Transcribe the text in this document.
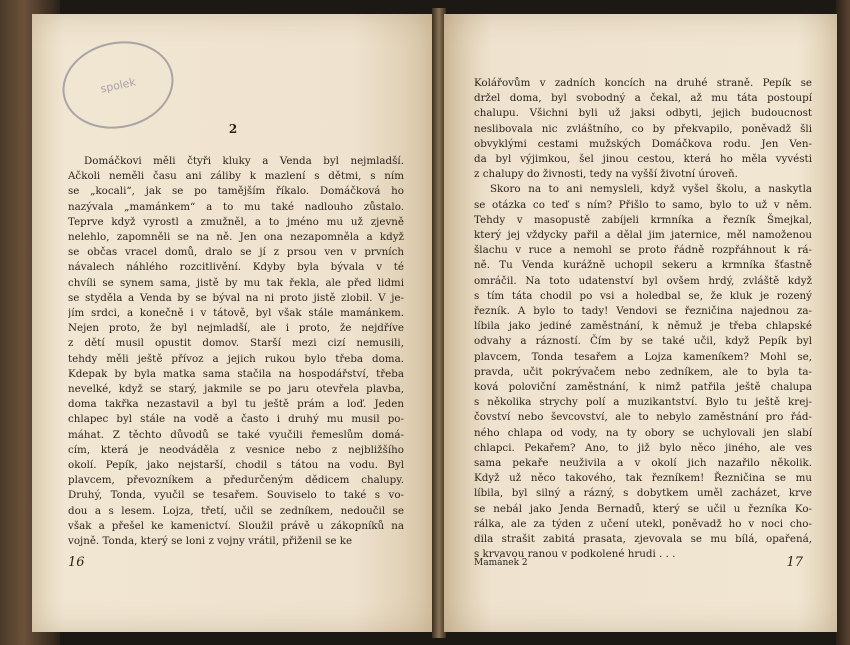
spolek
2
Domáčkovi měli čtyři kluky a Venda byl nejmladší.
Ačkoli neměli času ani záliby k mazlení s dětmi, s ním
se „kocali“, jak se po tamějším říkalo. Domáčková ho
nazývala „mamánkem“ a to mu také nadlouho zůstalo.
Teprve když vyrostl a zmužněl, a to jméno mu už zjevně
nelehlo, zapomněli se na ně. Jen ona nezapomněla a když
se občas vracel domů, dralo se jí z prsou ven v prvních
návalech náhlého rozcitlivění. Kdyby byla bývala v té
chvíli se synem sama, jistě by mu tak řekla, ale před lidmi
se styděla a Venda by se býval na ni proto jistě zlobil. V je-
jím srdci, a konečně i v tátově, byl však stále mamánkem.
Nejen proto, že byl nejmladší, ale i proto, že nejdříve
z dětí musil opustit domov. Starší mezi cizí nemusili,
tehdy měli ještě přívoz a jejich rukou bylo třeba doma.
Kdepak by byla matka sama stačila na hospodářství, třeba
nevelké, když se starý, jakmile se po jaru otevřela plavba,
doma takřka nezastavil a byl tu ještě prám a loď. Jeden
chlapec byl stále na vodě a často i druhý mu musil po-
máhat. Z těchto důvodů se také vyučili řemeslům domá-
cím, která je neodváděla z vesnice nebo z nejbližšího
okolí. Pepík, jako nejstarší, chodil s tátou na vodu. Byl
plavcem, převozníkem a předurčeným dědicem chalupy.
Druhý, Tonda, vyučil se tesařem. Souviselo to také s vo-
dou a s lesem. Lojza, třetí, učil se zedníkem, nedoučil se
však a přešel ke kamenictví. Sloužil právě u zákopníků na
vojně. Tonda, který se loni z vojny vrátil, přiženil se ke
16
Kolářovům v zadních koncích na druhé straně. Pepík se
držel doma, byl svobodný a čekal, až mu táta postoupí
chalupu. Všichni byli už jaksi odbyti, jejich budoucnost
neslibovala nic zvláštního, co by překvapilo, poněvadž šli
obvyklými cestami mužských Domáčkova rodu. Jen Ven-
da byl výjimkou, šel jinou cestou, která ho měla vyvésti
z chalupy do živnosti, tedy na vyšší životní úroveň.
Skoro na to ani nemysleli, když vyšel školu, a naskytla
se otázka co teď s ním? Přišlo to samo, bylo to už v něm.
Tehdy v masopustě zabíjeli krmníka a řezník Šmejkal,
který jej vždycky pařil a dělal jim jaternice, měl namoženou
šlachu v ruce a nemohl se proto řádně rozpřáhnout k rá-
ně. Tu Venda kurážně uchopil sekeru a krmníka šťastně
omráčil. Na toto udatenství byl ovšem hrdý, zvláště když
s tím táta chodil po vsi a holedbal se, že kluk je rozený
řezník. A bylo to tady! Vendovi se řezničina najednou za-
líbila jako jediné zaměstnání, k němuž je třeba chlapské
odvahy a rázností. Čím by se také učil, když Pepík byl
plavcem, Tonda tesařem a Lojza kameníkem? Mohl se,
pravda, učit pokrývačem nebo zedníkem, ale to byla ta-
ková poloviční zaměstnání, k nimž patřila ještě chalupa
s několika strychy polí a muzikantství. Bylo tu ještě krej-
čovství nebo ševcovství, ale to nebylo zaměstnání pro řád-
ného chlapa od vody, na ty obory se uchylovali jen slabí
chlapci. Pekařem? Ano, to již bylo něco jiného, ale ves
sama pekaře neuživila a v okolí jich nazařilo několik.
Když už něco takového, tak řezníkem! Řezničina se mu
líbila, byl silný a rázný, s dobytkem uměl zacházet, krve
se nebál jako Jenda Bernadů, který se učil u řezníka Ko-
rálka, ale za týden z učení utekl, poněvadž ho v noci cho-
dila strašit zabitá prasata, zjevovala se mu bílá, opařená,
s krvavou ranou v podkolené hrudi . . .
Mamánek 2	17
